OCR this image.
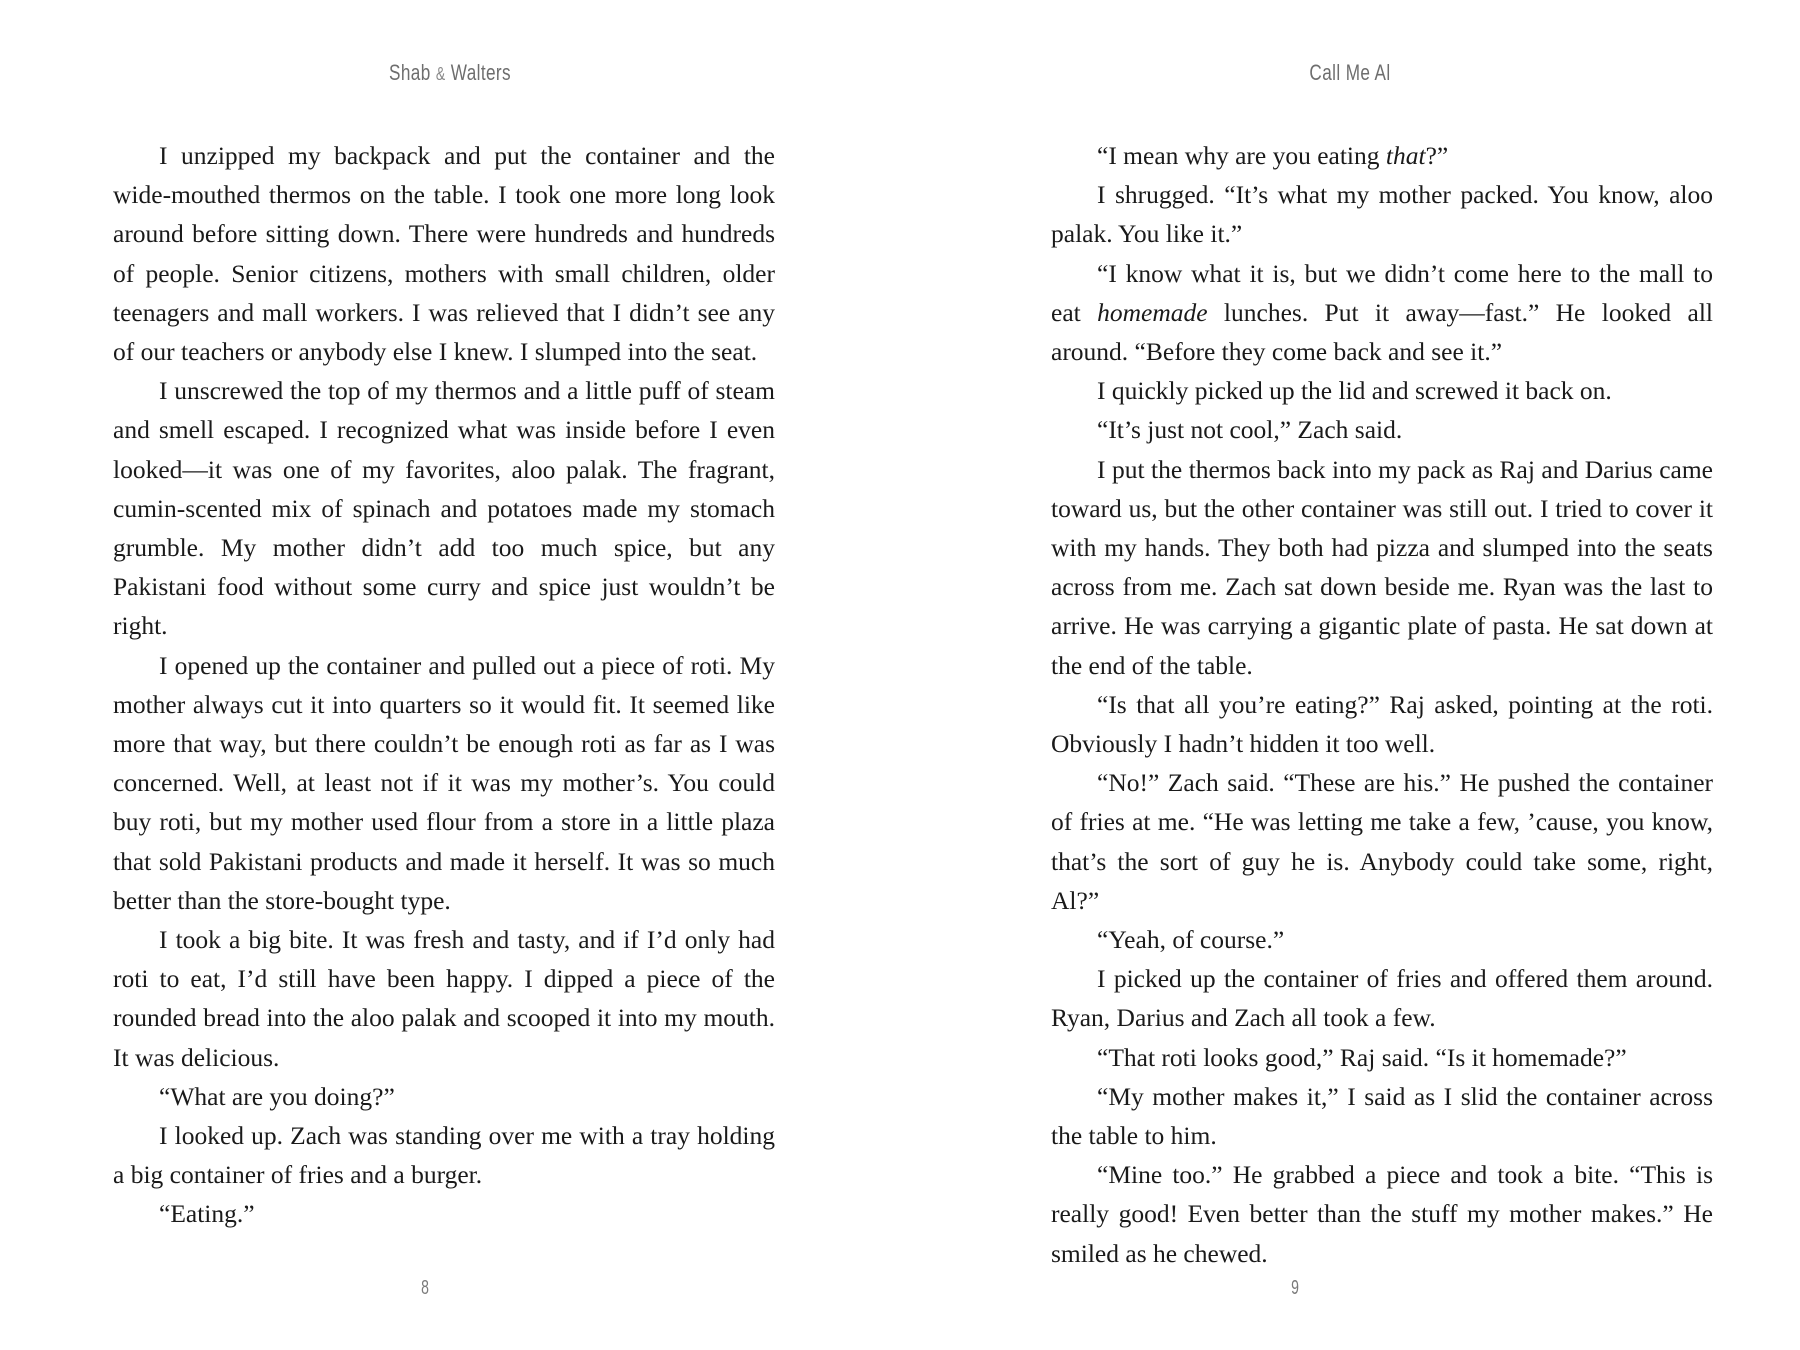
Shab & Walters

I unzipped my backpack and put the container and the wide-mouthed thermos on the table. I took one more long look around before sitting down. There were hundreds and hundreds of people. Senior citizens, mothers with small children, older teenagers and mall workers. I was relieved that I didn’t see any of our teachers or anybody else I knew. I slumped into the seat.

I unscrewed the top of my thermos and a little puff of steam and smell escaped. I recognized what was inside before I even looked—it was one of my favorites, aloo palak. The fragrant, cumin-scented mix of spinach and potatoes made my stomach grumble. My mother didn’t add too much spice, but any Pakistani food without some curry and spice just wouldn’t be right.

I opened up the container and pulled out a piece of roti. My mother always cut it into quarters so it would fit. It seemed like more that way, but there couldn’t be enough roti as far as I was concerned. Well, at least not if it was my mother’s. You could buy roti, but my mother used flour from a store in a little plaza that sold Pakistani products and made it herself. It was so much better than the store-bought type.

I took a big bite. It was fresh and tasty, and if I’d only had roti to eat, I’d still have been happy. I dipped a piece of the rounded bread into the aloo palak and scooped it into my mouth. It was delicious.

“What are you doing?”

I looked up. Zach was standing over me with a tray holding a big container of fries and a burger.

“Eating.”

8
Call Me Al

“I mean why are you eating that?”

I shrugged. “It’s what my mother packed. You know, aloo palak. You like it.”

“I know what it is, but we didn’t come here to the mall to eat homemade lunches. Put it away—fast.” He looked all around. “Before they come back and see it.”

I quickly picked up the lid and screwed it back on.

“It’s just not cool,” Zach said.

I put the thermos back into my pack as Raj and Darius came toward us, but the other container was still out. I tried to cover it with my hands. They both had pizza and slumped into the seats across from me. Zach sat down beside me. Ryan was the last to arrive. He was carrying a gigantic plate of pasta. He sat down at the end of the table.

“Is that all you’re eating?” Raj asked, pointing at the roti. Obviously I hadn’t hidden it too well.

“No!” Zach said. “These are his.” He pushed the container of fries at me. “He was letting me take a few, ’cause, you know, that’s the sort of guy he is. Anybody could take some, right, Al?”

“Yeah, of course.”

I picked up the container of fries and offered them around. Ryan, Darius and Zach all took a few.

“That roti looks good,” Raj said. “Is it homemade?”

“My mother makes it,” I said as I slid the container across the table to him.

“Mine too.” He grabbed a piece and took a bite. “This is really good! Even better than the stuff my mother makes.” He smiled as he chewed.

9
